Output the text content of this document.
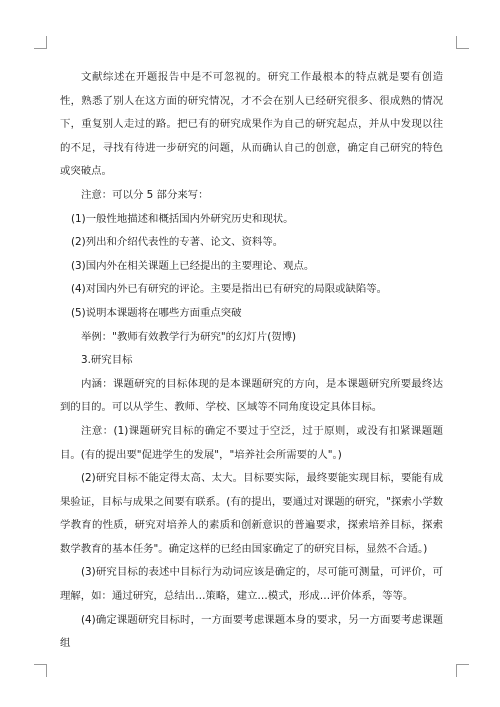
文献综述在开题报告中是不可忽视的。研究工作最根本的特点就是要有创造性，熟悉了别人在这方面的研究情况，才不会在别人已经研究很多、很成熟的情况下，重复别人走过的路。把已有的研究成果作为自己的研究起点，并从中发现以往的不足，寻找有待进一步研究的问题，从而确认自己的创意，确定自己研究的特色或突破点。

注意：可以分 5 部分来写：

(1)一般性地描述和概括国内外研究历史和现状。

(2)列出和介绍代表性的专著、论文、资料等。

(3)国内外在相关课题上已经提出的主要理论、观点。

(4)对国内外已有研究的评论。主要是指出已有研究的局限或缺陷等。

(5)说明本课题将在哪些方面重点突破

举例："教师有效教学行为研究"的幻灯片(贺博)

3.研究目标

内涵：课题研究的目标体现的是本课题研究的方向，是本课题研究所要最终达到的目的。可以从学生、教师、学校、区域等不同角度设定具体目标。

注意：(1)课题研究目标的确定不要过于空泛，过于原则，或没有扣紧课题题目。(有的提出要"促进学生的发展"，"培养社会所需要的人"。)

(2)研究目标不能定得太高、太大。目标要实际，最终要能实现目标，要能有成果验证，目标与成果之间要有联系。(有的提出，要通过对课题的研究，"探索小学数学教育的性质，研究对培养人的素质和创新意识的普遍要求，探索培养目标，探索数学教育的基本任务"。确定这样的已经由国家确定了的研究目标，显然不合适。)

(3)研究目标的表述中目标行为动词应该是确定的，尽可能可测量，可评价，可理解，如：通过研究，总结出…策略，建立…模式，形成…评价体系，等等。

(4)确定课题研究目标时，一方面要考虑课题本身的要求，另一方面要考虑课题组
